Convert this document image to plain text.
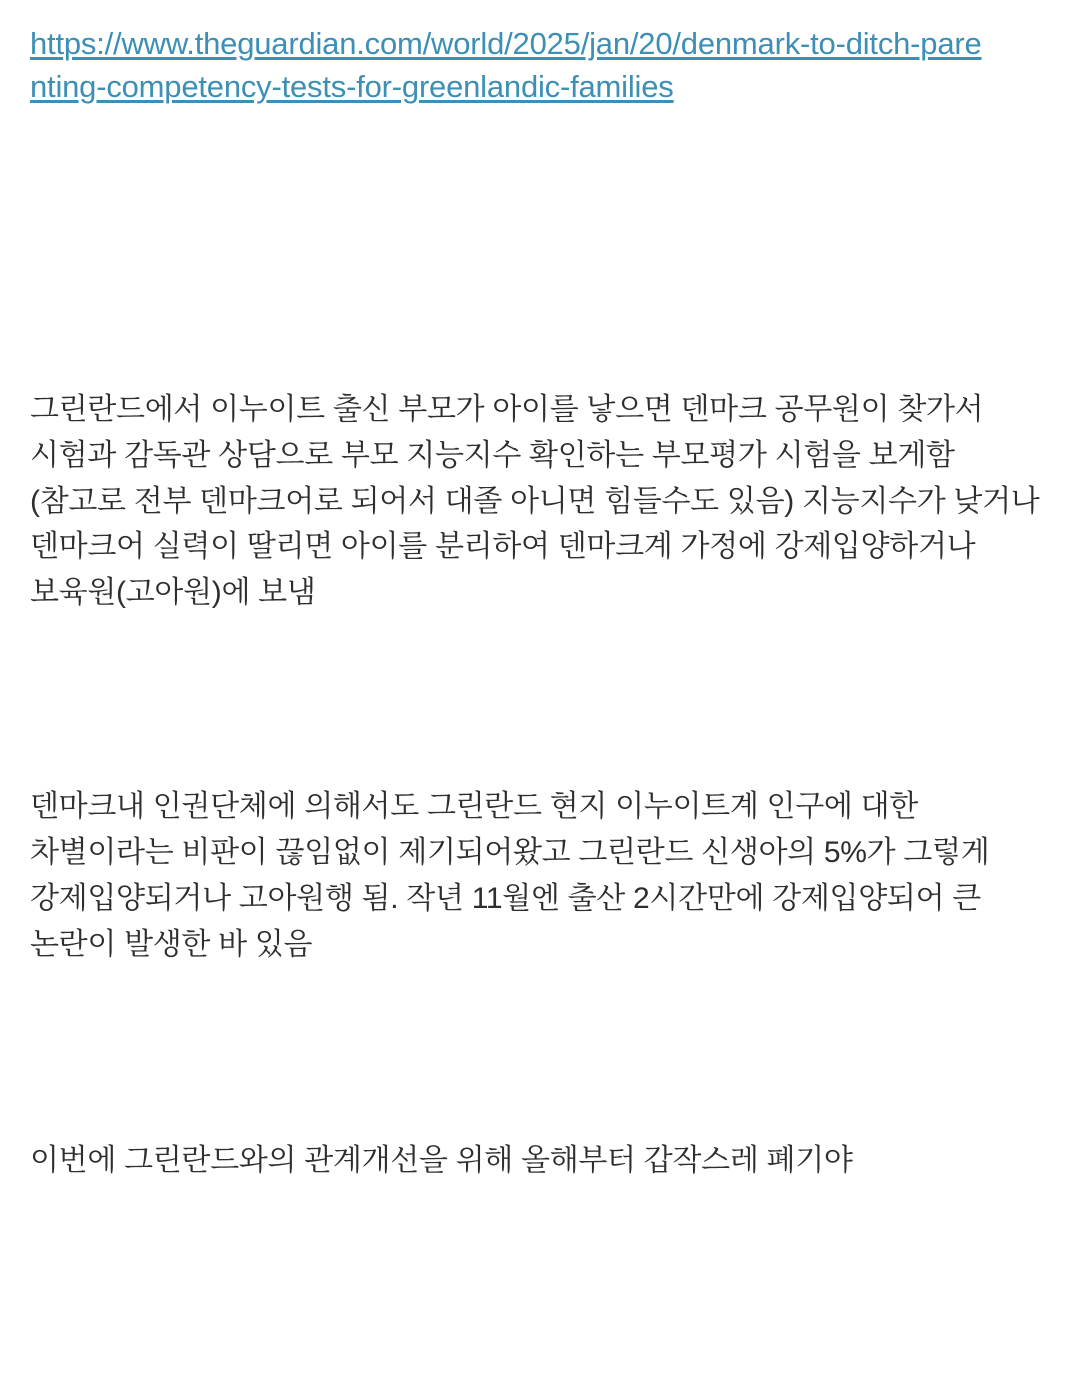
https://www.theguardian.com/world/2025/jan/20/denmark-to-ditch-parenting-competency-tests-for-greenlandic-families

그린란드에서 이누이트 출신 부모가 아이를 낳으면 덴마크 공무원이 찾가서 시험과 감독관 상담으로 부모 지능지수 확인하는 부모평가 시험을 보게함(참고로 전부 덴마크어로 되어서 대졸 아니면 힘들수도 있음) 지능지수가 낮거나 덴마크어 실력이 딸리면 아이를 분리하여 덴마크계 가정에 강제입양하거나 보육원(고아원)에 보냄

덴마크내 인권단체에 의해서도 그린란드 현지 이누이트계 인구에 대한 차별이라는 비판이 끊임없이 제기되어왔고 그린란드 신생아의 5%가 그렇게 강제입양되거나 고아원행 됨. 작년 11월엔 출산 2시간만에 강제입양되어 큰 논란이 발생한 바 있음

이번에 그린란드와의 관계개선을 위해 올해부터 갑작스레 폐기야
